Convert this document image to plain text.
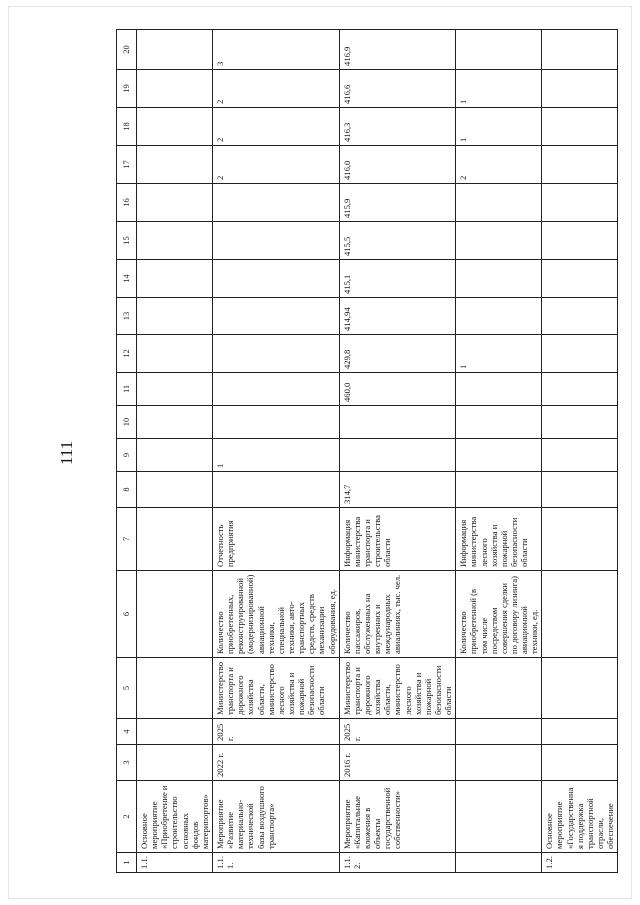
111
1	2	3	4	5	6	7	8	9	10	11	12	13	14	15	16	17	18	19	20
1.1.	Основное мероприятие «Приобретение и строительство основных фондов материпортов»																		
1.1.1.	Мероприятие «Развитие материально-технической базы воздушного транспорта»	2022 г.	2025 г.	Министерство транспорта и дорожного хозяйства области, министерство лесного хозяйства и пожарной безопасности области	Количество приобретенных, реконструированной (модернизированной) авиационной техники, специальной техники, авто-транспортных средств, средств механизации оборудования, ед.	Отчетность предприятия		1								2	2	2	3
1.1.2.	Мероприятие «Капитальные вложения в объекты государственной собственности»	2016 г.	2025 г.	Министерство транспорта и дорожного хозяйства области, министерство лесного хозяйства и пожарной безопасности области	Количество пассажиров, обслуженных на внутренних и международных авиалиниях, тыс. чел.	Информация министерства транспорта и строительства области	314,7			460,0	429,8	414,94	415,1	415,5	415,9	416,0	416,3	416,6	416,9
					Количество приобретенной (в том числе посредством совершения сделки по договору лизинга) авиационной техники, ед.	Информация министерства лесного хозяйства и пожарной безопасности области					1					2	1	1	
1.2.	Основное мероприятие «Государственная поддержка транспортной отрасли, обеспечение																		
